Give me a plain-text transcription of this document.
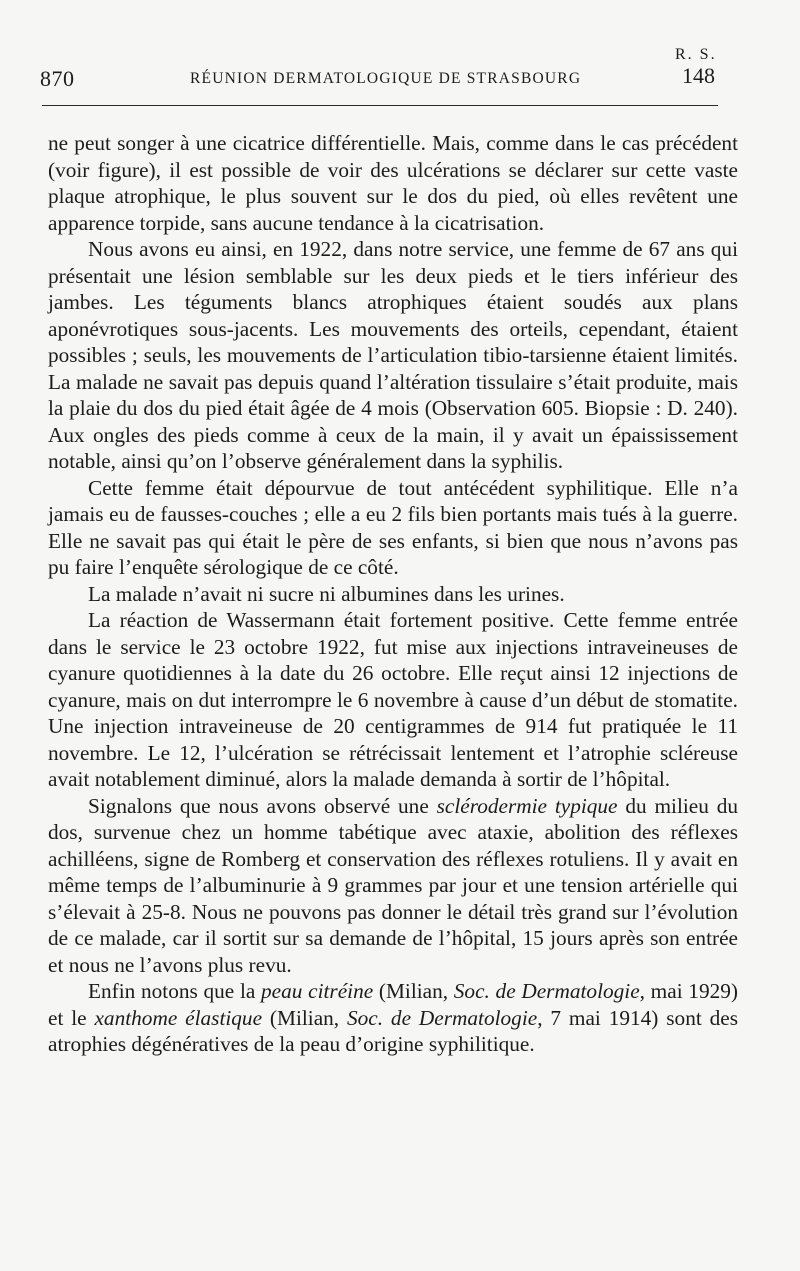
870	RÉUNION DERMATOLOGIQUE DE STRASBOURG
R. S.
148

ne peut songer à une cicatrice différentielle. Mais, comme dans le cas précédent (voir figure), il est possible de voir des ulcérations se déclarer sur cette vaste plaque atrophique, le plus souvent sur le dos du pied, où elles revêtent une apparence torpide, sans aucune tendance à la cicatrisation.

Nous avons eu ainsi, en 1922, dans notre service, une femme de 67 ans qui présentait une lésion semblable sur les deux pieds et le tiers inférieur des jambes. Les téguments blancs atrophiques étaient soudés aux plans aponévrotiques sous-jacents. Les mouvements des orteils, cependant, étaient possibles ; seuls, les mouvements de l’articulation tibio-tarsienne étaient limités. La malade ne savait pas depuis quand l’altération tissulaire s’était produite, mais la plaie du dos du pied était âgée de 4 mois (Observation 605. Biopsie : D. 240). Aux ongles des pieds comme à ceux de la main, il y avait un épaississement notable, ainsi qu’on l’observe généralement dans la syphilis.

Cette femme était dépourvue de tout antécédent syphilitique. Elle n’a jamais eu de fausses-couches ; elle a eu 2 fils bien portants mais tués à la guerre. Elle ne savait pas qui était le père de ses enfants, si bien que nous n’avons pas pu faire l’enquête sérologique de ce côté.

La malade n’avait ni sucre ni albumines dans les urines.

La réaction de Wassermann était fortement positive. Cette femme entrée dans le service le 23 octobre 1922, fut mise aux injections intraveineuses de cyanure quotidiennes à la date du 26 octobre. Elle reçut ainsi 12 injections de cyanure, mais on dut interrompre le 6 novembre à cause d’un début de stomatite. Une injection intraveineuse de 20 centigrammes de 914 fut pratiquée le 11 novembre. Le 12, l’ulcération se rétrécissait lentement et l’atrophie scléreuse avait notablement diminué, alors la malade demanda à sortir de l’hôpital.

Signalons que nous avons observé une sclérodermie typique du milieu du dos, survenue chez un homme tabétique avec ataxie, abolition des réflexes achilléens, signe de Romberg et conservation des réflexes rotuliens. Il y avait en même temps de l’albuminurie à 9 grammes par jour et une tension artérielle qui s’élevait à 25-8. Nous ne pouvons pas donner le détail très grand sur l’évolution de ce malade, car il sortit sur sa demande de l’hôpital, 15 jours après son entrée et nous ne l’avons plus revu.

Enfin notons que la peau citréine (Milian, Soc. de Dermatologie, mai 1929) et le xanthome élastique (Milian, Soc. de Dermatologie, 7 mai 1914) sont des atrophies dégénératives de la peau d’origine syphilitique.
